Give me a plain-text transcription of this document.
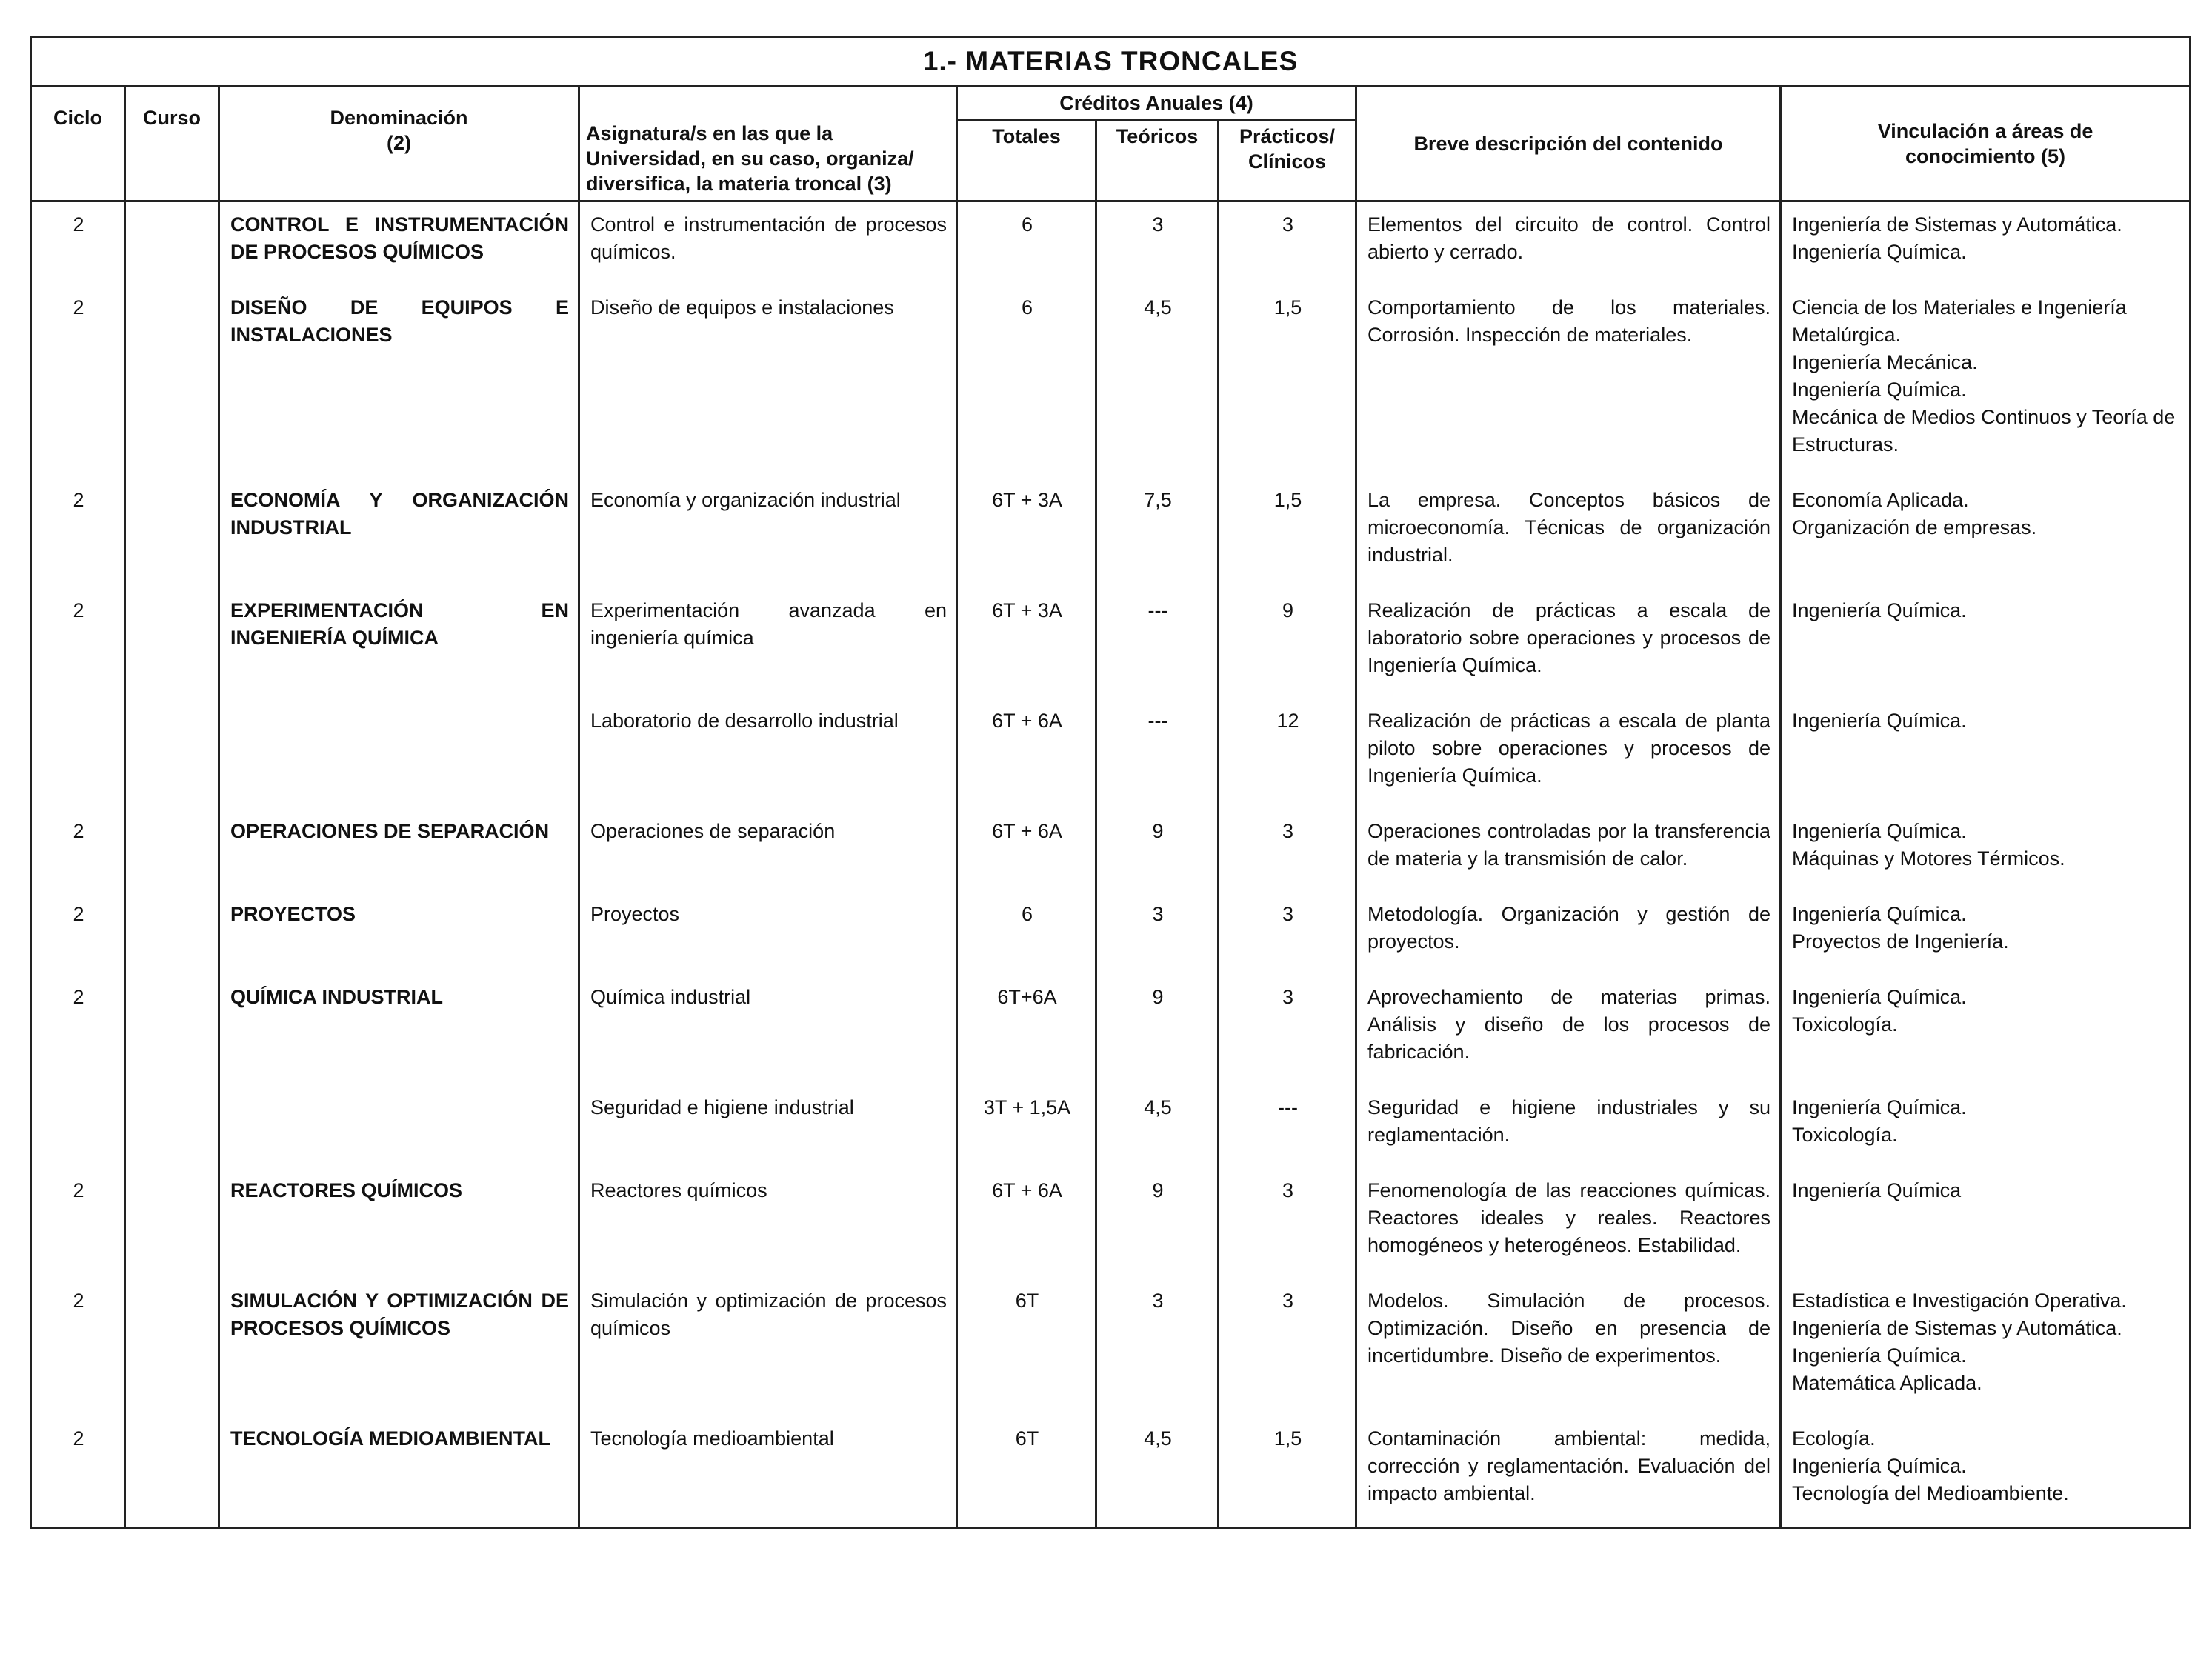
1.- MATERIAS TRONCALES								
Ciclo	Curso	Denominación
(2)	Asignatura/s en las que la Universidad, en su caso, organiza/ diversifica, la materia troncal (3)	Créditos Anuales (4)			Breve descripción del contenido	Vinculación a áreas de conocimiento (5)
				Totales	Teóricos	Prácticos/ Clínicos		
2		CONTROL E INSTRUMENTACIÓN DE PROCESOS QUÍMICOS	Control e instrumentación de procesos químicos.	6	3	3	Elementos del circuito de control. Control abierto y cerrado.	Ingeniería de Sistemas y Automática.
Ingeniería Química.

2		DISEÑO DE EQUIPOS E INSTALACIONES	Diseño de equipos e instalaciones	6	4,5	1,5	Comportamiento de los materiales. Corrosión. Inspección de materiales.	Ciencia de los Materiales e Ingeniería Metalúrgica.
Ingeniería Mecánica.
Ingeniería Química.
Mecánica de Medios Continuos y Teoría de Estructuras.

2		ECONOMÍA Y ORGANIZACIÓN INDUSTRIAL	Economía y organización industrial	6T + 3A	7,5	1,5	La empresa. Conceptos básicos de microeconomía. Técnicas de organización industrial.	Economía Aplicada.
Organización de empresas.

2		EXPERIMENTACIÓN EN INGENIERÍA QUÍMICA	Experimentación avanzada en ingeniería química	6T + 3A	---	9	Realización de prácticas a escala de laboratorio sobre operaciones y procesos de Ingeniería Química.	Ingeniería Química.

			Laboratorio de desarrollo industrial	6T + 6A	---	12	Realización de prácticas a escala de planta piloto sobre operaciones y procesos de Ingeniería Química.	Ingeniería Química.

2		OPERACIONES DE SEPARACIÓN	Operaciones de separación	6T + 6A	9	3	Operaciones controladas por la transferencia de materia y la transmisión de calor.	Ingeniería Química.
Máquinas y Motores Térmicos.

2		PROYECTOS	Proyectos	6	3	3	Metodología. Organización y gestión de proyectos.	Ingeniería Química.
Proyectos de Ingeniería.

2		QUÍMICA INDUSTRIAL	Química industrial	6T+6A	9	3	Aprovechamiento de materias primas. Análisis y diseño de los procesos de fabricación.	Ingeniería Química.
Toxicología.

			Seguridad e higiene industrial	3T + 1,5A	4,5	---	Seguridad e higiene industriales y su reglamentación.	Ingeniería Química.
Toxicología.

2		REACTORES QUÍMICOS	Reactores químicos	6T + 6A	9	3	Fenomenología de las reacciones químicas. Reactores ideales y reales. Reactores homogéneos y heterogéneos. Estabilidad.	Ingeniería Química

2		SIMULACIÓN Y OPTIMIZACIÓN DE PROCESOS QUÍMICOS	Simulación y optimización de procesos químicos	6T	3	3	Modelos. Simulación de procesos. Optimización. Diseño en presencia de incertidumbre. Diseño de experimentos.	Estadística e Investigación Operativa.
Ingeniería de Sistemas y Automática.
Ingeniería Química.
Matemática Aplicada.

2		TECNOLOGÍA MEDIOAMBIENTAL	Tecnología medioambiental	6T	4,5	1,5	Contaminación ambiental: medida, corrección y reglamentación. Evaluación del impacto ambiental.	Ecología.
Ingeniería Química.
Tecnología del Medioambiente.
